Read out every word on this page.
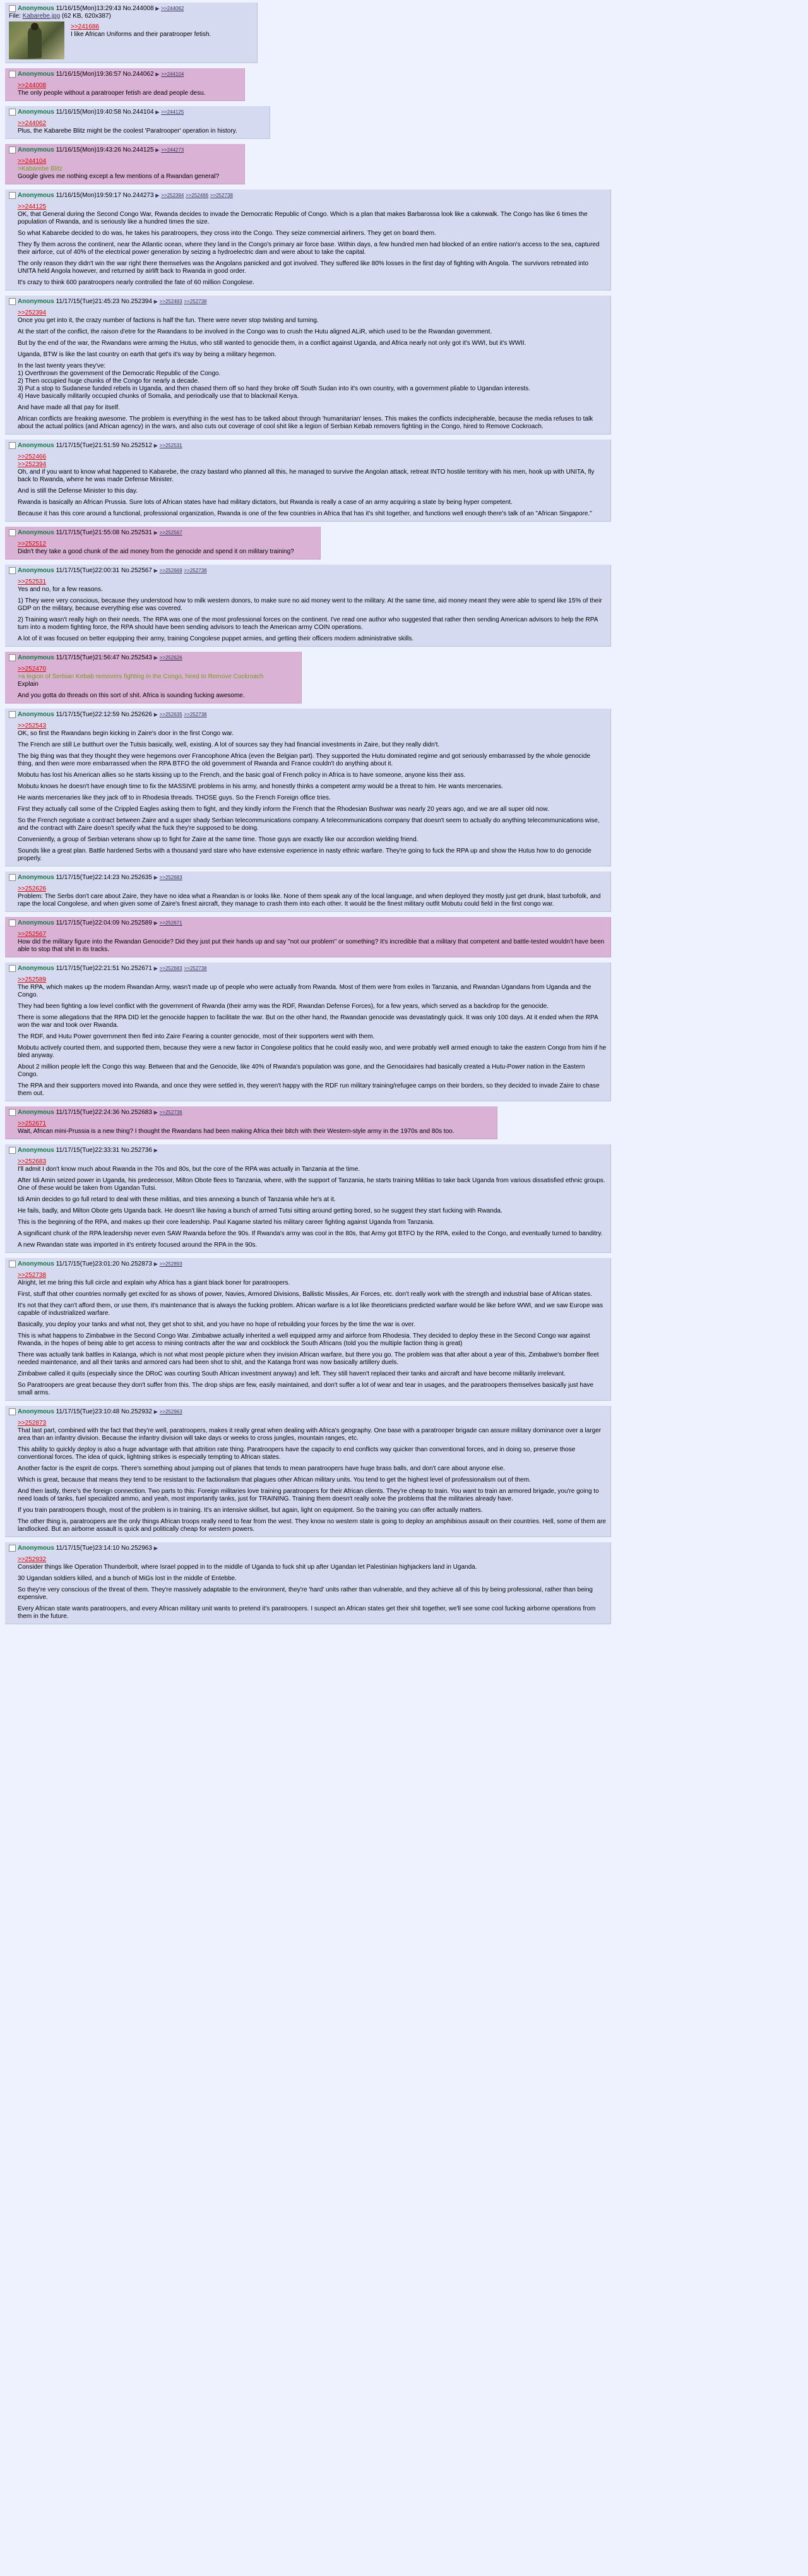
Anonymous 11/16/15(Mon)13:29:43 No.244008 ▶ >>244062
File: Kabarebe.jpg (62 KB, 620x387)

>>241686
I like African Uniforms and their paratrooper fetish.

Anonymous 11/16/15(Mon)19:36:57 No.244062 ▶ >>244104

>>244008
The only people without a paratrooper fetish are dead people desu.

Anonymous 11/16/15(Mon)19:40:58 No.244104 ▶ >>244125

>>244062
Plus, the Kabarebe Blitz might be the coolest 'Paratrooper' operation in history.

Anonymous 11/16/15(Mon)19:43:26 No.244125 ▶ >>244273

>>244104
>Kabarebe Blitz
Google gives me nothing except a few mentions of a Rwandan general?

Anonymous 11/16/15(Mon)19:59:17 No.244273 ▶ >>252394 >>252466 >>252738

>>244125
OK, that General during the Second Congo War, Rwanda decides to invade the Democratic Republic of Congo. Which is a plan that makes Barbarossa look like a cakewalk. The Congo has like 6 times the population of Rwanda, and is seriously like a hundred times the size.

So what Kabarebe decided to do was, he takes his paratroopers, they cross into the Congo. They seize commercial airliners. They get on board them.

They fly them across the continent, near the Atlantic ocean, where they land in the Congo's primary air force base. Within days, a few hundred men had blocked of an entire nation's access to the sea, captured their airforce, cut of 40% of the electrical power generation by seizing a hydroelectric dam and were about to take the capital.

The only reason they didn't win the war right there themselves was the Angolans panicked and got involved. They suffered like 80% losses in the first day of fighting with Angola. The survivors retreated into UNITA held Angola however, and returned by airlift back to Rwanda in good order.

It's crazy to think 600 paratroopers nearly controlled the fate of 60 million Congolese.

Anonymous 11/17/15(Tue)21:45:23 No.252394 ▶ >>252493 >>252738

>>252394
Once you get into it, the crazy number of factions is half the fun. There were never stop twisting and turning.

At the start of the conflict, the raison d'etre for the Rwandans to be involved in the Congo was to crush the Hutu aligned ALiR, which used to be the Rwandan government.

But by the end of the war, the Rwandans were arming the Hutus, who still wanted to genocide them, in a conflict against Uganda, and Africa nearly not only got it's WWI, but it's WWII.

Uganda, BTW is like the last country on earth that get's it's way by being a military hegemon.

In the last twenty years they've:
1) Overthrown the government of the Democratic Republic of the Congo.
2) Then occupied huge chunks of the Congo for nearly a decade.
3) Put a stop to Sudanese funded rebels in Uganda, and then chased them off so hard they broke off South Sudan into it's own country, with a government pliable to Ugandan interests.
4) Have basically militarily occupied chunks of Somalia, and periodically use that to blackmail Kenya.

And have made all that pay for itself.

African conflicts are freaking awesome. The problem is everything in the west has to be talked about through 'humanitarian' lenses. This makes the conflicts indecipherable, because the media refuses to talk about the actual politics (and African agency) in the wars, and also cuts out coverage of cool shit like a legion of Serbian Kebab removers fighting in the Congo, hired to Remove Cockroach.

Anonymous 11/17/15(Tue)21:51:59 No.252512 ▶ >>252531

>>252466
>>252394
Oh, and if you want to know what happened to Kabarebe, the crazy bastard who planned all this, he managed to survive the Angolan attack, retreat INTO hostile territory with his men, hook up with UNITA, fly back to Rwanda, where he was made Defense Minister.

And is still the Defense Minister to this day.

Rwanda is basically an African Prussia. Sure lots of African states have had military dictators, but Rwanda is really a case of an army acquiring a state by being hyper competent.

Because it has this core around a functional, professional organization, Rwanda is one of the few countries in Africa that has it's shit together, and functions well enough there's talk of an "African Singapore."

Anonymous 11/17/15(Tue)21:55:08 No.252531 ▶ >>252567

>>252512
Didn't they take a good chunk of the aid money from the genocide and spend it on military training?

Anonymous 11/17/15(Tue)22:00:31 No.252567 ▶ >>252669 >>252738

>>252531
Yes and no, for a few reasons.

1) They were very conscious, because they understood how to milk western donors, to make sure no aid money went to the military. At the same time, aid money meant they were able to spend like 15% of their GDP on the military, because everything else was covered.

2) Training wasn't really high on their needs. The RPA was one of the most professional forces on the continent. I've read one author who suggested that rather then sending American advisors to help the RPA turn into a modern fighting force, the RPA should have been sending advisors to teach the American army COIN operations.

A lot of it was focused on better equipping their army, training Congolese puppet armies, and getting their officers modern administrative skills.

Anonymous 11/17/15(Tue)21:56:47 No.252543 ▶ >>252626

>>252470
>a legion of Serbian Kebab removers fighting in the Congo, hired to Remove Cockroach
Explain

And you gotta do threads on this sort of shit. Africa is sounding fucking awesome.

Anonymous 11/17/15(Tue)22:12:59 No.252626 ▶ >>252635 >>252738

>>252543
OK, so first the Rwandans begin kicking in Zaire's door in the first Congo war.

The French are still Le butthurt over the Tutsis basically, well, existing. A lot of sources say they had financial investments in Zaire, but they really didn't.

The big thing was that they thought they were hegemons over Francophone Africa (even the Belgian part). They supported the Hutu dominated regime and got seriously embarrassed by the whole genocide thing, and then were more embarrassed when the RPA BTFO the old government of Rwanda and France couldn't do anything about it.

Mobutu has lost his American allies so he starts kissing up to the French, and the basic goal of French policy in Africa is to have someone, anyone kiss their ass.

Mobutu knows he doesn't have enough time to fix the MASSIVE problems in his army, and honestly thinks a competent army would be a threat to him. He wants mercenaries.

He wants mercenaries like they jack off to in Rhodesia threads. THOSE guys. So the French Foreign office tries.

First they actually call some of the Crippled Eagles asking them to fight, and they kindly inform the French that the Rhodesian Bushwar was nearly 20 years ago, and we are all super old now.

So the French negotiate a contract between Zaire and a super shady Serbian telecommunications company. A telecommunications company that doesn't seem to actually do anything telecommunications wise, and the contract with Zaire doesn't specify what the fuck they're supposed to be doing.

Conveniently, a group of Serbian veterans show up to fight for Zaire at the same time. Those guys are exactly like our accordion wielding friend.

Sounds like a great plan. Battle hardened Serbs with a thousand yard stare who have extensive experience in nasty ethnic warfare. They're going to fuck the RPA up and show the Hutus how to do genocide properly.

Anonymous 11/17/15(Tue)22:14:23 No.252635 ▶ >>252683

>>252626
Problem: The Serbs don't care about Zaire, they have no idea what a Rwandan is or looks like. None of them speak any of the local language, and when deployed they mostly just get drunk, blast turbofolk, and rape the local Congolese, and when given some of Zaire's finest aircraft, they manage to crash them into each other. It would be the finest military outfit Mobutu could field in the first congo war.

Anonymous 11/17/15(Tue)22:04:09 No.252589 ▶ >>252671

>>252567
How did the military figure into the Rwandan Genocide? Did they just put their hands up and say "not our problem" or something? It's incredible that a military that competent and battle-tested wouldn't have been able to stop that shit in its tracks.

Anonymous 11/17/15(Tue)22:21:51 No.252671 ▶ >>252683 >>252738

>>252589
The RPA, which makes up the modern Rwandan Army, wasn't made up of people who were actually from Rwanda. Most of them were from exiles in Tanzania, and Rwandan Ugandans from Uganda and the Congo.

They had been fighting a low level conflict with the government of Rwanda (their army was the RDF, Rwandan Defense Forces), for a few years, which served as a backdrop for the genocide.

There is some allegations that the RPA DID let the genocide happen to facilitate the war. But on the other hand, the Rwandan genocide was devastatingly quick. It was only 100 days. At it ended when the RPA won the war and took over Rwanda.

The RDF, and Hutu Power government then fled into Zaire Fearing a counter genocide, most of their supporters went with them.

Mobutu actively courted them, and supported them, because they were a new factor in Congolese politics that he could easily woo, and were probably well armed enough to take the eastern Congo from him if he bled anyway.

About 2 million people left the Congo this way. Between that and the Genocide, like 40% of Rwanda's population was gone, and the Genocidaires had basically created a Hutu-Power nation in the Eastern Congo.

The RPA and their supporters moved into Rwanda, and once they were settled in, they weren't happy with the RDF run military training/refugee camps on their borders, so they decided to invade Zaire to chase them out.

Anonymous 11/17/15(Tue)22:24:36 No.252683 ▶ >>252736

>>252671
Wait, African mini-Prussia is a new thing? I thought the Rwandans had been making Africa their bitch with their Western-style army in the 1970s and 80s too.

Anonymous 11/17/15(Tue)22:33:31 No.252736 ▶

>>252683
I'll admit I don't know much about Rwanda in the 70s and 80s, but the core of the RPA was actually in Tanzania at the time.

After Idi Amin seized power in Uganda, his predecessor, Milton Obote flees to Tanzania, where, with the support of Tanzania, he starts training Militias to take back Uganda from various dissatisfied ethnic groups. One of these would be taken from Ugandan Tutsi.

Idi Amin decides to go full retard to deal with these militias, and tries annexing a bunch of Tanzania while he's at it.

He fails, badly, and Milton Obote gets Uganda back. He doesn't like having a bunch of armed Tutsi sitting around getting bored, so he suggest they start fucking with Rwanda.

This is the beginning of the RPA, and makes up their core leadership. Paul Kagame started his military career fighting against Uganda from Tanzania.

A significant chunk of the RPA leadership never even SAW Rwanda before the 90s. If Rwanda's army was cool in the 80s, that Army got BTFO by the RPA, exiled to the Congo, and eventually turned to banditry.

A new Rwandan state was imported in it's entirety focused around the RPA in the 90s.

Anonymous 11/17/15(Tue)23:01:20 No.252873 ▶ >>252893

>>252738
Alright, let me bring this full circle and explain why Africa has a giant black boner for paratroopers.

First, stuff that other countries normally get excited for as shows of power, Navies, Armored Divisions, Ballistic Missiles, Air Forces, etc. don't really work with the strength and industrial base of African states.

It's not that they can't afford them, or use them, it's maintenance that is always the fucking problem. African warfare is a lot like theoreticians predicted warfare would be like before WWI, and we saw Europe was capable of industrialized warfare.

Basically, you deploy your tanks and what not, they get shot to shit, and you have no hope of rebuilding your forces by the time the war is over.

This is what happens to Zimbabwe in the Second Congo War. Zimbabwe actually inherited a well equipped army and airforce from Rhodesia. They decided to deploy these in the Second Congo war against Rwanda, in the hopes of being able to get access to mining contracts after the war and cockblock the South Africans (told you the multiple faction thing is great)

There was actually tank battles in Katanga, which is not what most people picture when they invision African warfare, but there you go. The problem was that after about a year of this, Zimbabwe's bomber fleet needed maintenance, and all their tanks and armored cars had been shot to shit, and the Katanga front was now basically artillery duels.

Zimbabwe called it quits (especially since the DRoC was courting South African investment anyway) and left. They still haven't replaced their tanks and aircraft and have become militarily irrelevant.

So Paratroopers are great because they don't suffer from this. The drop ships are few, easily maintained, and don't suffer a lot of wear and tear in usages, and the paratroopers themselves basically just have small arms.

Anonymous 11/17/15(Tue)23:10:48 No.252932 ▶ >>252963

>>252873
That last part, combined with the fact that they're well, paratroopers, makes it really great when dealing with Africa's geography. One base with a paratrooper brigade can assure military dominance over a larger area than an infantry division. Because the infantry division will take days or weeks to cross jungles, mountain ranges, etc.

This ability to quickly deploy is also a huge advantage with that attrition rate thing. Paratroopers have the capacity to end conflicts way quicker than conventional forces, and in doing so, preserve those conventional forces. The idea of quick, lightning strikes is especially tempting to African states.

Another factor is the esprit de corps. There's something about jumping out of planes that tends to mean paratroopers have huge brass balls, and don't care about anyone else.

Which is great, because that means they tend to be resistant to the factionalism that plagues other African military units. You tend to get the highest level of professionalism out of them.

And then lastly, there's the foreign connection. Two parts to this: Foreign militaries love training paratroopers for their African clients. They're cheap to train. You want to train an armored brigade, you're going to need loads of tanks, fuel specialized ammo, and yeah, most importantly tanks, just for TRAINING. Training them doesn't really solve the problems that the militaries already have.

If you train paratroopers though, most of the problem is in training. It's an intensive skillset, but again, light on equipment. So the training you can offer actually matters.

The other thing is, paratroopers are the only things African troops really need to fear from the west. They know no western state is going to deploy an amphibious assault on their countries. Hell, some of them are landlocked. But an airborne assault is quick and politically cheap for western powers.

Anonymous 11/17/15(Tue)23:14:10 No.252963 ▶

>>252932
Consider things like Operation Thunderbolt, where Israel popped in to the middle of Uganda to fuck shit up after Ugandan let Palestinian highjackers land in Uganda.

30 Ugandan soldiers killed, and a bunch of MiGs lost in the middle of Entebbe.

So they're very conscious of the threat of them. They're massively adaptable to the environment, they're 'hard' units rather than vulnerable, and they achieve all of this by being professional, rather than being expensive.

Every African state wants paratroopers, and every African military unit wants to pretend it's paratroopers. I suspect an African states get their shit together, we'll see some cool fucking airborne operations from them in the future.
